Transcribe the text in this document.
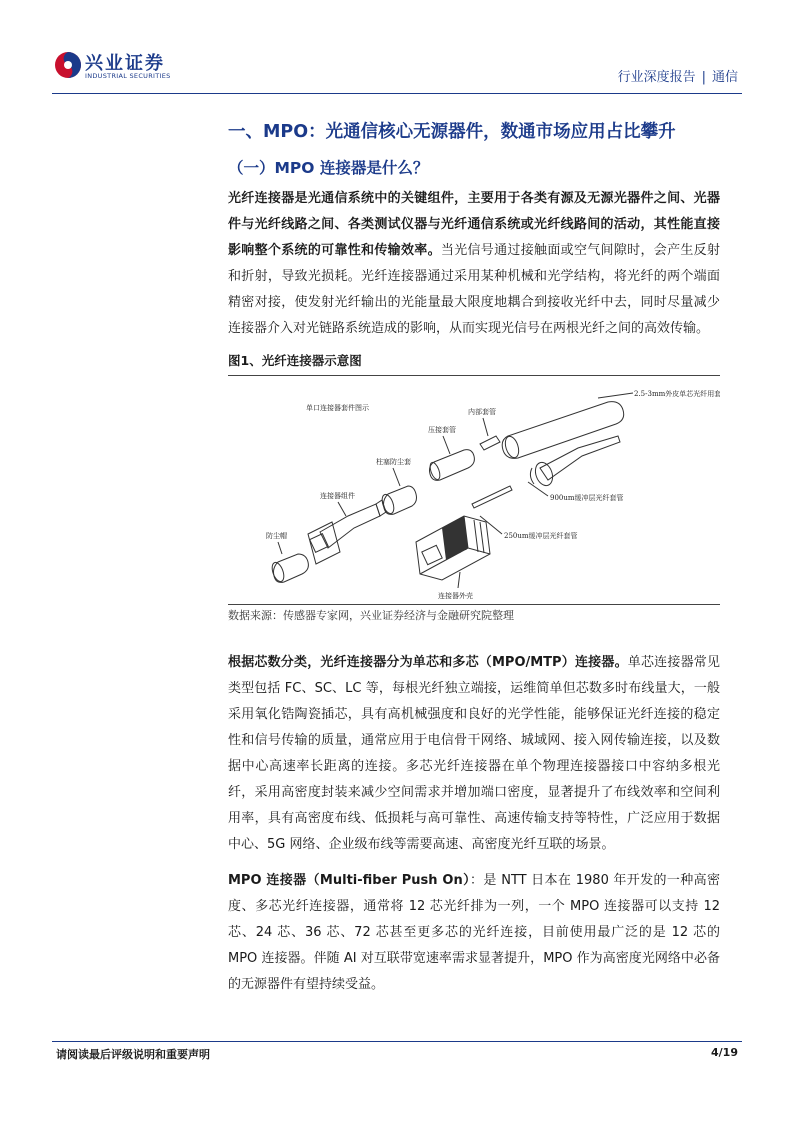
兴业证券
INDUSTRIAL SECURITIES	行业深度报告 | 通信
一、MPO：光通信核心无源器件，数通市场应用占比攀升
（一）MPO 连接器是什么？

光纤连接器是光通信系统中的关键组件，主要用于各类有源及无源光器件之间、光器件与光纤线路之间、各类测试仪器与光纤通信系统或光纤线路间的活动，其性能直接影响整个系统的可靠性和传输效率。当光信号通过接触面或空气间隙时，会产生反射和折射，导致光损耗。光纤连接器通过采用某种机械和光学结构，将光纤的两个端面精密对接，使发射光纤输出的光能量最大限度地耦合到接收光纤中去，同时尽量减少连接器介入对光链路系统造成的影响，从而实现光信号在两根光纤之间的高效传输。

图1、光纤连接器示意图
单口连接器套件图示	内部套管
压接套管
柱塞防尘套
连接器组件
防尘帽
连接器外壳
2.5-3mm外皮单芯光纤用套管
900um缓冲层光纤套管
250um缓冲层光纤套管
数据来源：传感器专家网，兴业证券经济与金融研究院整理

根据芯数分类，光纤连接器分为单芯和多芯（MPO/MTP）连接器。单芯连接器常见类型包括 FC、SC、LC 等，每根光纤独立端接，运维简单但芯数多时布线量大，一般采用氧化锆陶瓷插芯，具有高机械强度和良好的光学性能，能够保证光纤连接的稳定性和信号传输的质量，通常应用于电信骨干网络、城域网、接入网传输连接，以及数据中心高速率长距离的连接。多芯光纤连接器在单个物理连接器接口中容纳多根光纤，采用高密度封装来减少空间需求并增加端口密度，显著提升了布线效率和空间利用率，具有高密度布线、低损耗与高可靠性、高速传输支持等特性，广泛应用于数据中心、5G 网络、企业级布线等需要高速、高密度光纤互联的场景。

MPO 连接器（Multi-fiber Push On）：是 NTT 日本在 1980 年开发的一种高密度、多芯光纤连接器，通常将 12 芯光纤排为一列，一个 MPO 连接器可以支持 12 芯、24 芯、36 芯、72 芯甚至更多芯的光纤连接，目前使用最广泛的是 12 芯的 MPO 连接器。伴随 AI 对互联带宽速率需求显著提升，MPO 作为高密度光网络中必备的无源器件有望持续受益。

请阅读最后评级说明和重要声明	4/19
